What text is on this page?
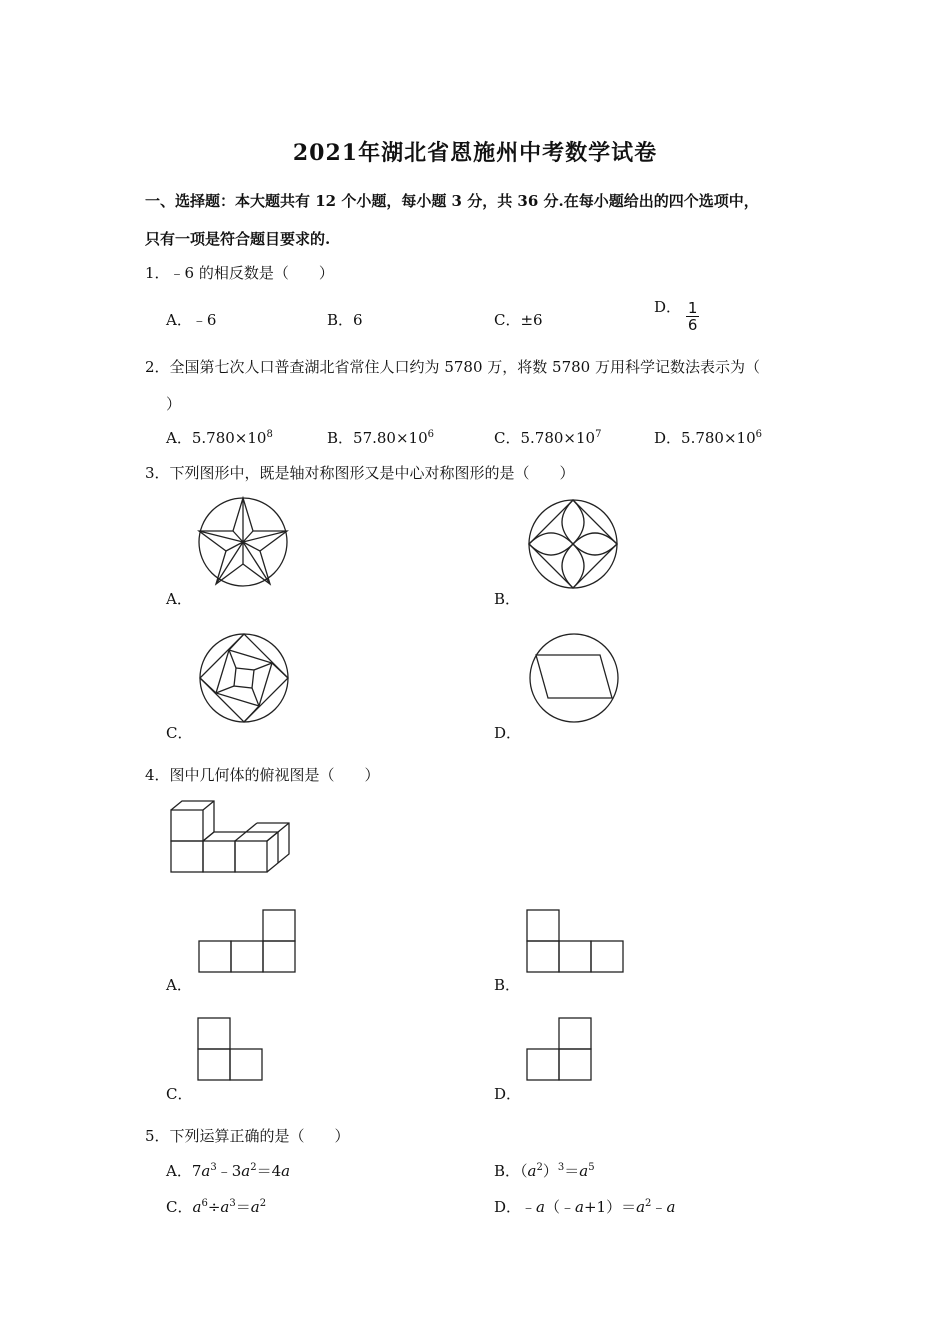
2021年湖北省恩施州中考数学试卷
一、选择题：本大题共有 12 个小题，每小题 3 分，共 36 分.在每小题给出的四个选项中，
只有一项是符合题目要求的.
1．﹣6 的相反数是（　　）
A．﹣6	B．6	C．±6
D． $\frac{1}{6}$
2．全国第七次人口普查湖北省常住人口约为 5780 万，将数 5780 万用科学记数法表示为（
）
A．$5.780\times 10^8$	B．$57.80\times 10^6$	C．$5.780\times 10^7$	D．$5.780\times 10^6$
3．下列图形中，既是轴对称图形又是中心对称图形的是（　　）
A．	B．
C．	D．
4．图中几何体的俯视图是（　　）
A．	B．
C．	D．
5．下列运算正确的是（　　）
A．$7a^3﹣3a^2=4a$	B．$(a^2)^3=a^5$
C．$a^6\div a^3=a^2$	D．$﹣a(﹣a+1)=a^2﹣a$
